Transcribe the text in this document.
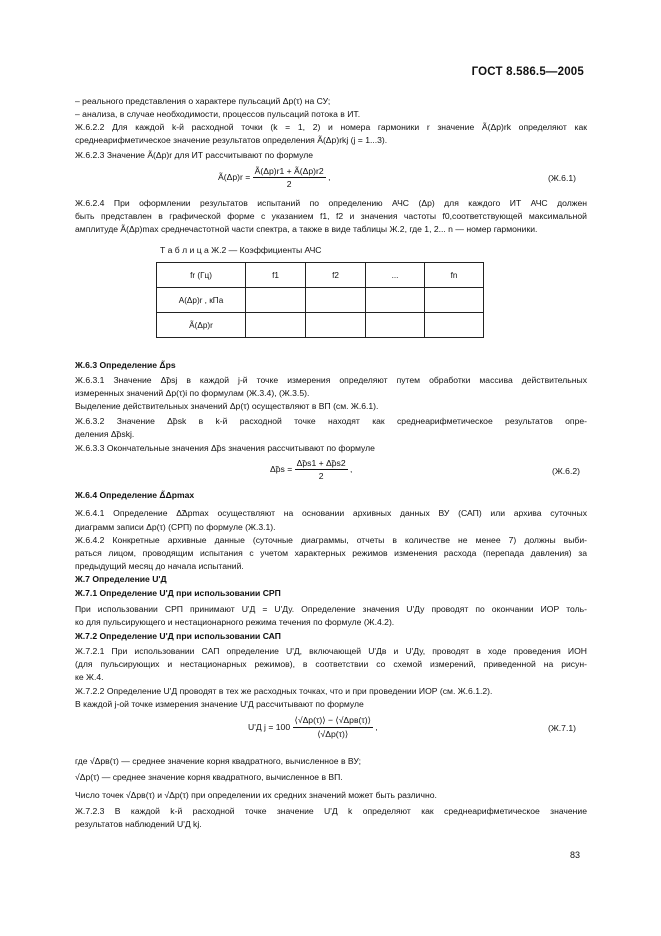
ГОСТ 8.586.5—2005
– реального представления о характере пульсаций Δp(τ) на СУ;
– анализа, в случае необходимости, процессов пульсаций потока в ИТ.
Ж.6.2.2 Для каждой k-й расходной точки (k = 1, 2) и номера гармоники r значение Ã(Δp)rk определяют как
среднеарифметическое значение результатов определения Ã(Δp)rkj (j = 1...3).
Ж.6.2.3 Значение Ã(Δp)r для ИТ рассчитывают по формуле
Ã(Δp)r = $\frac{Ã(\Delta p)r1 + Ã(\Delta p)r2}{2}$ ,	(Ж.6.1)
Ж.6.2.4 При оформлении результатов испытаний по определению АЧС (Δp) для каждого ИТ АЧС должен
быть представлен в графической форме с указанием f1, f2 и значения частоты f0,соответствующей максимальной
амплитуде Ã(Δp)max среднечастотной части спектра, а также в виде таблицы Ж.2, где 1, 2... n — номер гармоники.
Т а б л и ц а Ж.2 — Коэффициенты АЧС
fr (Гц)	f1	f2	...	fn
A(Δp)r , кПа				
Ã(Δp)r				
Ж.6.3 Определение Δ̃ps
Ж.6.3.1 Значение Δ̃psj в каждой j-й точке измерения определяют путем обработки массива действительных
измеренных значений Δp(τ)i по формулам (Ж.3.4), (Ж.3.5).
Выделение действительных значений Δp(τ) осуществляют в ВП (см. Ж.6.1).
Ж.6.3.2 Значение Δ̃psk в k-й расходной точке находят как среднеарифметическое результатов опре-
деления Δ̃pskj.
Ж.6.3.3 Окончательные значения Δ̃ps значения рассчитывают по формуле
Δ̃ps = $\frac{\Deltãps1 + \Deltãps2}{2}$ ,	(Ж.6.2)
Ж.6.4 Определение Δ̃Δpmax
Ж.6.4.1 Определение Δ̃Δpmax осуществляют на основании архивных данных ВУ (САП) или архива суточных
диаграмм записи Δp(τ) (СРП) по формуле (Ж.3.1).
Ж.6.4.2 Конкретные архивные данные (суточные диаграммы, отчеты в количестве не менее 7) должны выби-
раться лицом, проводящим испытания с учетом характерных режимов изменения расхода (перепада давления) за
предыдущий месяц до начала испытаний.
Ж.7 Определение U'Д
Ж.7.1 Определение U'Д при использовании СРП
При использовании СРП принимают U'Д = U'Ду. Определение значения U'Ду проводят по окончании ИОР толь-
ко для пульсирующего и нестационарного режима течения по формуле (Ж.4.2).
Ж.7.2 Определение U'Д при использовании САП
Ж.7.2.1 При использовании САП определение U'Д, включающей U'Дв и U'Ду, проводят в ходе проведения ИОН
(для пульсирующих и нестационарных режимов), в соответствии со схемой измерений, приведенной на рисун-
ке Ж.4.
Ж.7.2.2 Определение U'Д проводят в тех же расходных точках, что и при проведении ИОР (см. Ж.6.1.2).
В каждой j-ой точке измерения значение U'Д рассчитывают по формуле
U'Д $j = 100 \frac{\text{⟨√Δp(τ)⟩ − ⟨√Δpв(τ)⟩}}{⟨√\Delta p(\tau)⟩}$ ,	(Ж.7.1)
где √Δpв(τ) — среднее значение корня квадратного, вычисленное в ВУ;
√Δp(τ) — среднее значение корня квадратного, вычисленное в ВП.
Число точек √Δpв(τ) и √Δp(τ) при определении их средних значений может быть различно.
Ж.7.2.3 В каждой k-й расходной точке значение U'Д k определяют как среднеарифметическое значение
результатов наблюдений U'Д kj.
83
